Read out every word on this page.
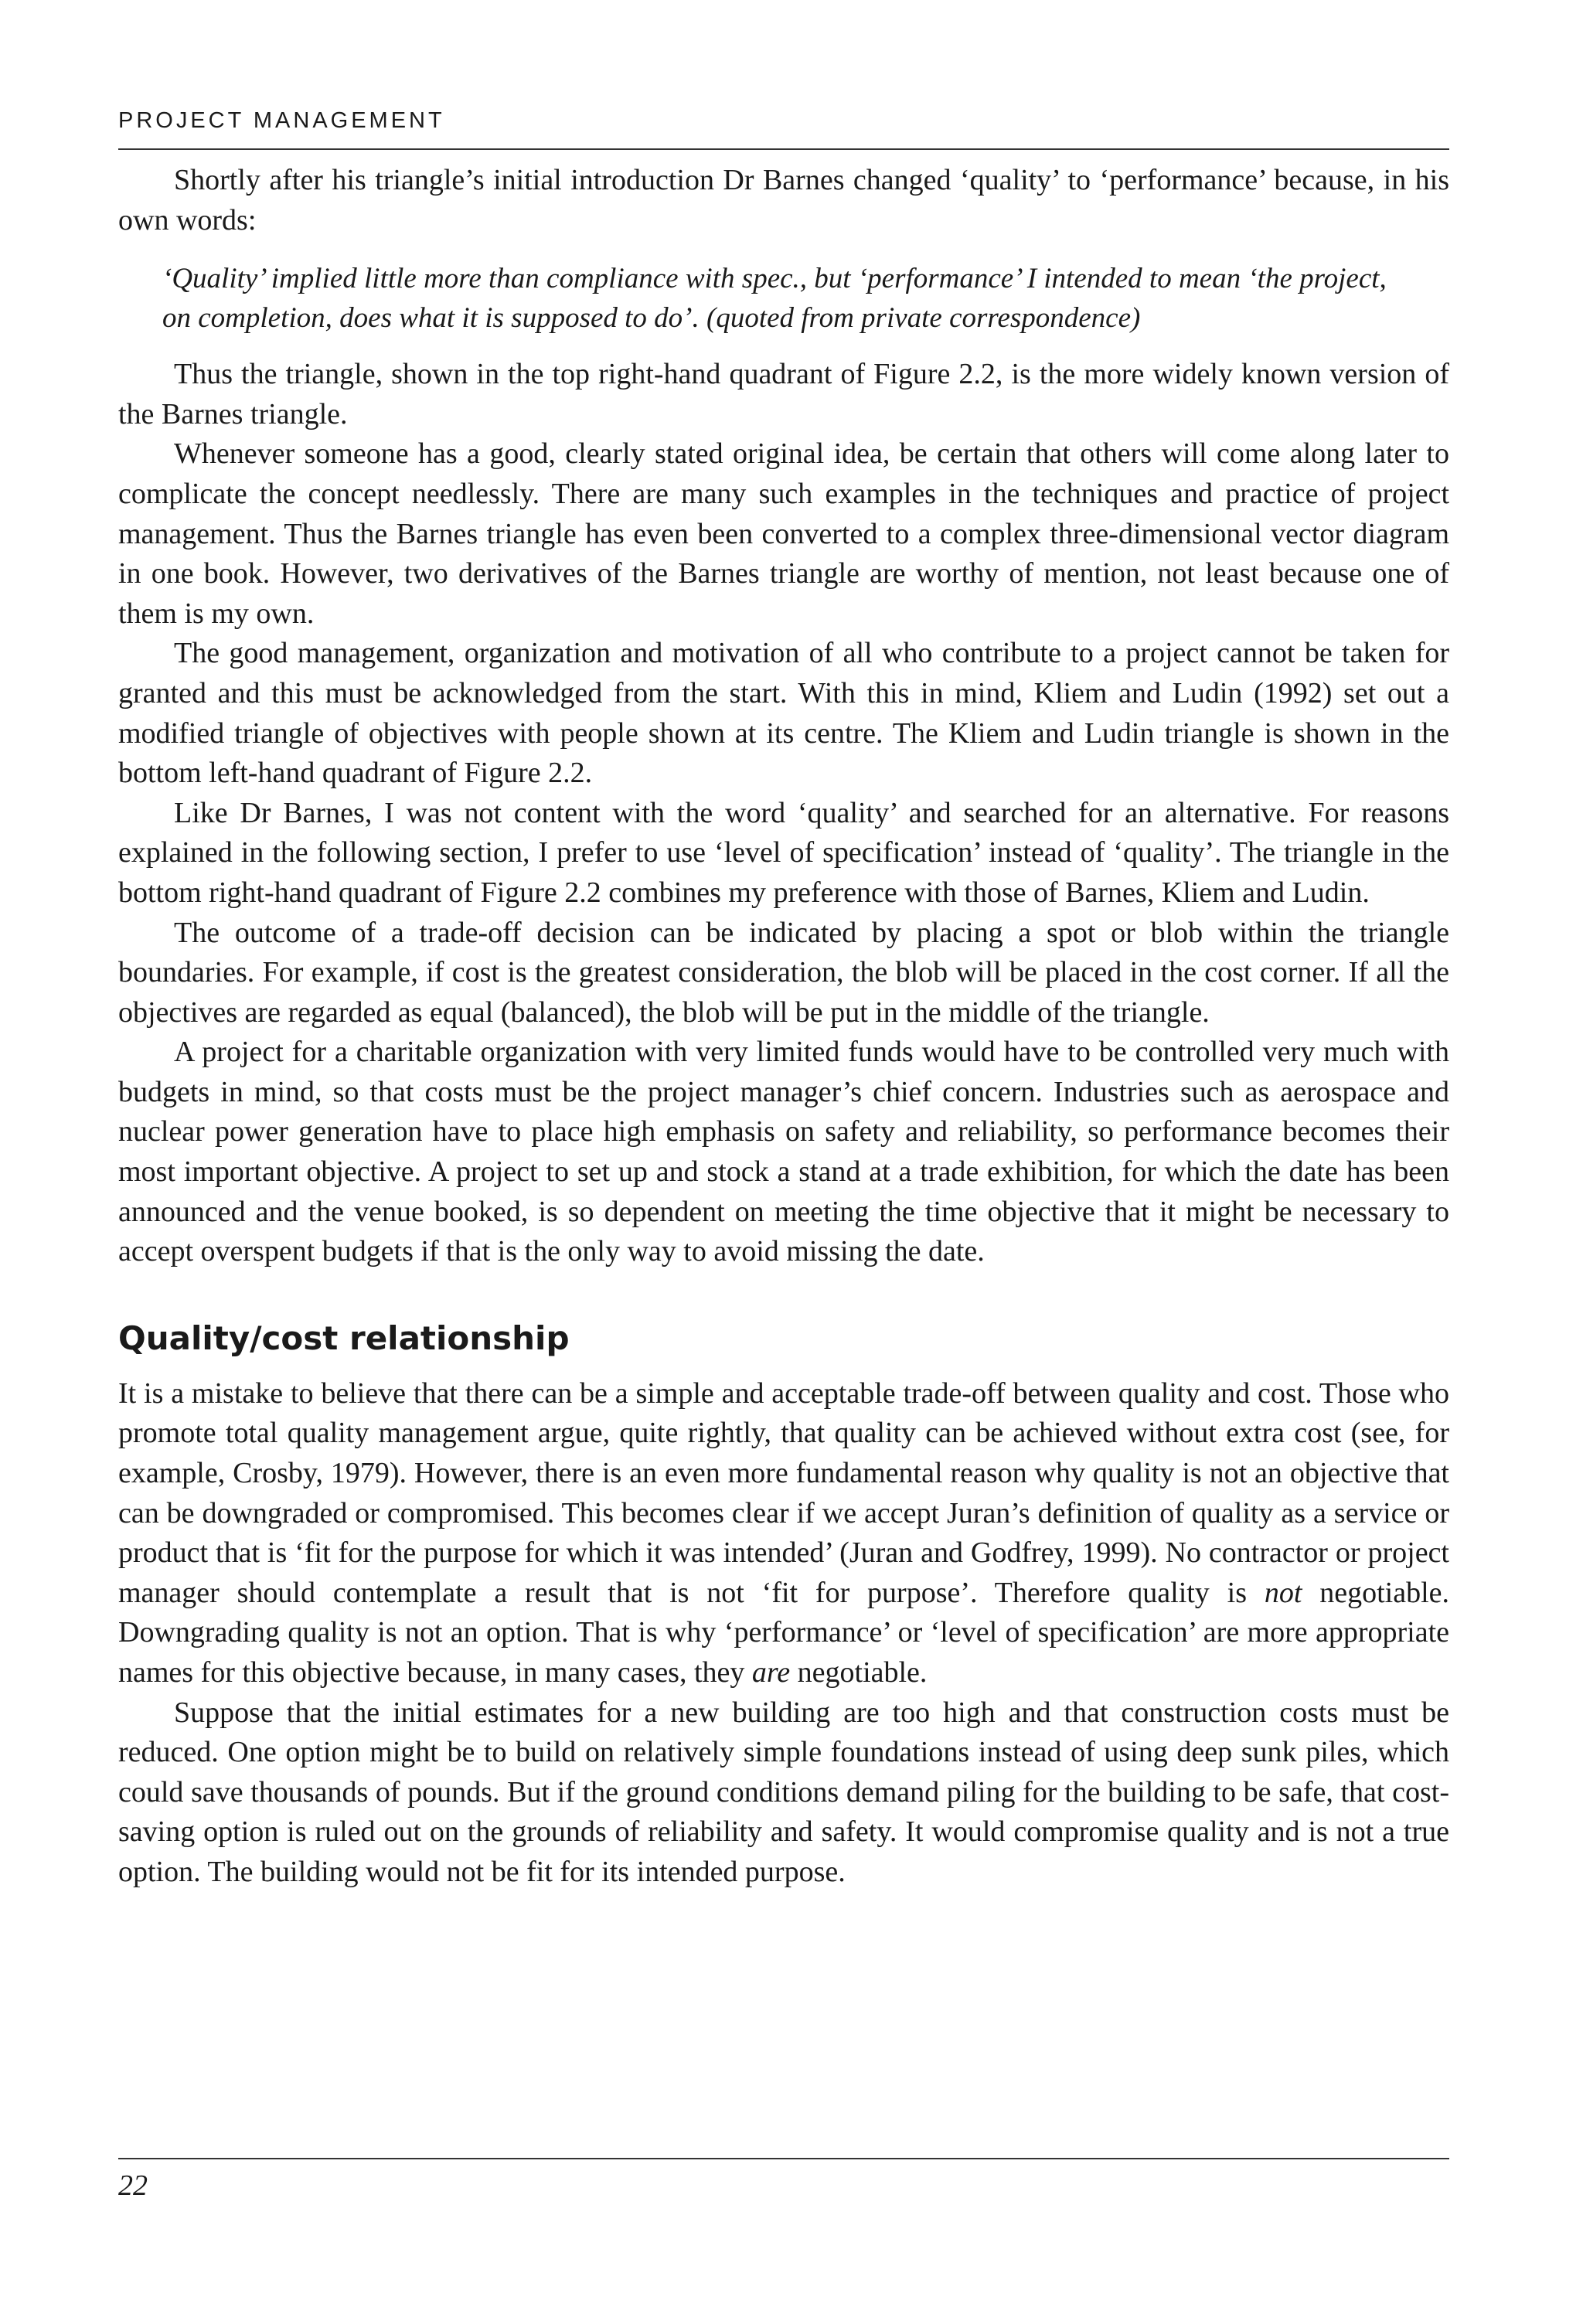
PROJECT MANAGEMENT

Shortly after his triangle’s initial introduction Dr Barnes changed ‘quality’ to ‘performance’ because, in his own words:

‘Quality’ implied little more than compliance with spec., but ‘performance’ I intended to mean ‘the project, on completion, does what it is supposed to do’. (quoted from private correspondence)

Thus the triangle, shown in the top right-hand quadrant of Figure 2.2, is the more widely known version of the Barnes triangle.

Whenever someone has a good, clearly stated original idea, be certain that others will come along later to complicate the concept needlessly. There are many such examples in the techniques and practice of project management. Thus the Barnes triangle has even been converted to a complex three-dimensional vector diagram in one book. However, two derivatives of the Barnes triangle are worthy of mention, not least because one of them is my own.

The good management, organization and motivation of all who contribute to a project cannot be taken for granted and this must be acknowledged from the start. With this in mind, Kliem and Ludin (1992) set out a modified triangle of objectives with people shown at its centre. The Kliem and Ludin triangle is shown in the bottom left-hand quadrant of Figure 2.2.

Like Dr Barnes, I was not content with the word ‘quality’ and searched for an alternative. For reasons explained in the following section, I prefer to use ‘level of specification’ instead of ‘quality’. The triangle in the bottom right-hand quadrant of Figure 2.2 combines my preference with those of Barnes, Kliem and Ludin.

The outcome of a trade-off decision can be indicated by placing a spot or blob within the triangle boundaries. For example, if cost is the greatest consideration, the blob will be placed in the cost corner. If all the objectives are regarded as equal (balanced), the blob will be put in the middle of the triangle.

A project for a charitable organization with very limited funds would have to be controlled very much with budgets in mind, so that costs must be the project manager’s chief concern. Industries such as aerospace and nuclear power generation have to place high emphasis on safety and reliability, so performance becomes their most important objective. A project to set up and stock a stand at a trade exhibition, for which the date has been announced and the venue booked, is so dependent on meeting the time objective that it might be necessary to accept overspent budgets if that is the only way to avoid missing the date.

Quality/cost relationship

It is a mistake to believe that there can be a simple and acceptable trade-off between quality and cost. Those who promote total quality management argue, quite rightly, that quality can be achieved without extra cost (see, for example, Crosby, 1979). However, there is an even more fundamental reason why quality is not an objective that can be downgraded or compromised. This becomes clear if we accept Juran’s definition of quality as a service or product that is ‘fit for the purpose for which it was intended’ (Juran and Godfrey, 1999). No contractor or project manager should contemplate a result that is not ‘fit for purpose’. Therefore quality is not negotiable. Downgrading quality is not an option. That is why ‘performance’ or ‘level of specification’ are more appropriate names for this objective because, in many cases, they are negotiable.

Suppose that the initial estimates for a new building are too high and that construction costs must be reduced. One option might be to build on relatively simple foundations instead of using deep sunk piles, which could save thousands of pounds. But if the ground conditions demand piling for the building to be safe, that cost-saving option is ruled out on the grounds of reliability and safety. It would compromise quality and is not a true option. The building would not be fit for its intended purpose.

22
